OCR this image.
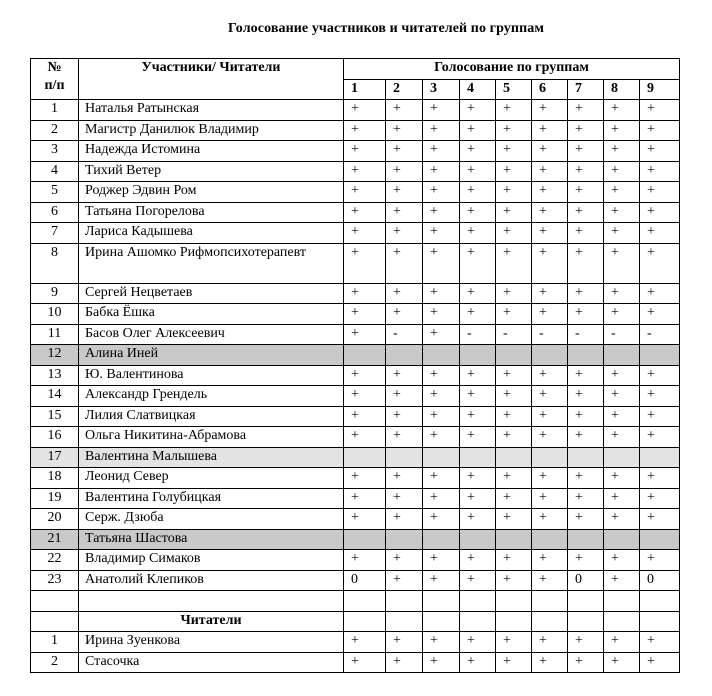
Голосование участников и читателей по группам
№
п/п	Участники/ Читатели	Голосование по группам								
		1	2	3	4	5	6	7	8	9
1	Наталья Ратынская	+	+	+	+	+	+	+	+	+
2	Магистр Данилюк Владимир	+	+	+	+	+	+	+	+	+
3	Надежда Истомина	+	+	+	+	+	+	+	+	+
4	Тихий Ветер	+	+	+	+	+	+	+	+	+
5	Роджер Эдвин Ром	+	+	+	+	+	+	+	+	+
6	Татьяна Погорелова	+	+	+	+	+	+	+	+	+
7	Лариса Кадышева	+	+	+	+	+	+	+	+	+
8	Ирина Ашомко Рифмопсихотерапевт	+	+	+	+	+	+	+	+	+
9	Сергей Нецветаев	+	+	+	+	+	+	+	+	+
10	Бабка Ёшка	+	+	+	+	+	+	+	+	+
11	Басов Олег Алексеевич	+	-	+	-	-	-	-	-	-
12	Алина Иней									
13	Ю. Валентинова	+	+	+	+	+	+	+	+	+
14	Александр Грендель	+	+	+	+	+	+	+	+	+
15	Лилия Слатвицкая	+	+	+	+	+	+	+	+	+
16	Ольга Никитина-Абрамова	+	+	+	+	+	+	+	+	+
17	Валентина Малышева									
18	Леонид Север	+	+	+	+	+	+	+	+	+
19	Валентина Голубицкая	+	+	+	+	+	+	+	+	+
20	Серж. Дзюба	+	+	+	+	+	+	+	+	+
21	Татьяна Шастова									
22	Владимир Симаков	+	+	+	+	+	+	+	+	+
23	Анатолий Клепиков	0	+	+	+	+	+	0	+	0

	Читатели									
1	Ирина Зуенкова	+	+	+	+	+	+	+	+	+
2	Стасочка	+	+	+	+	+	+	+	+	+
